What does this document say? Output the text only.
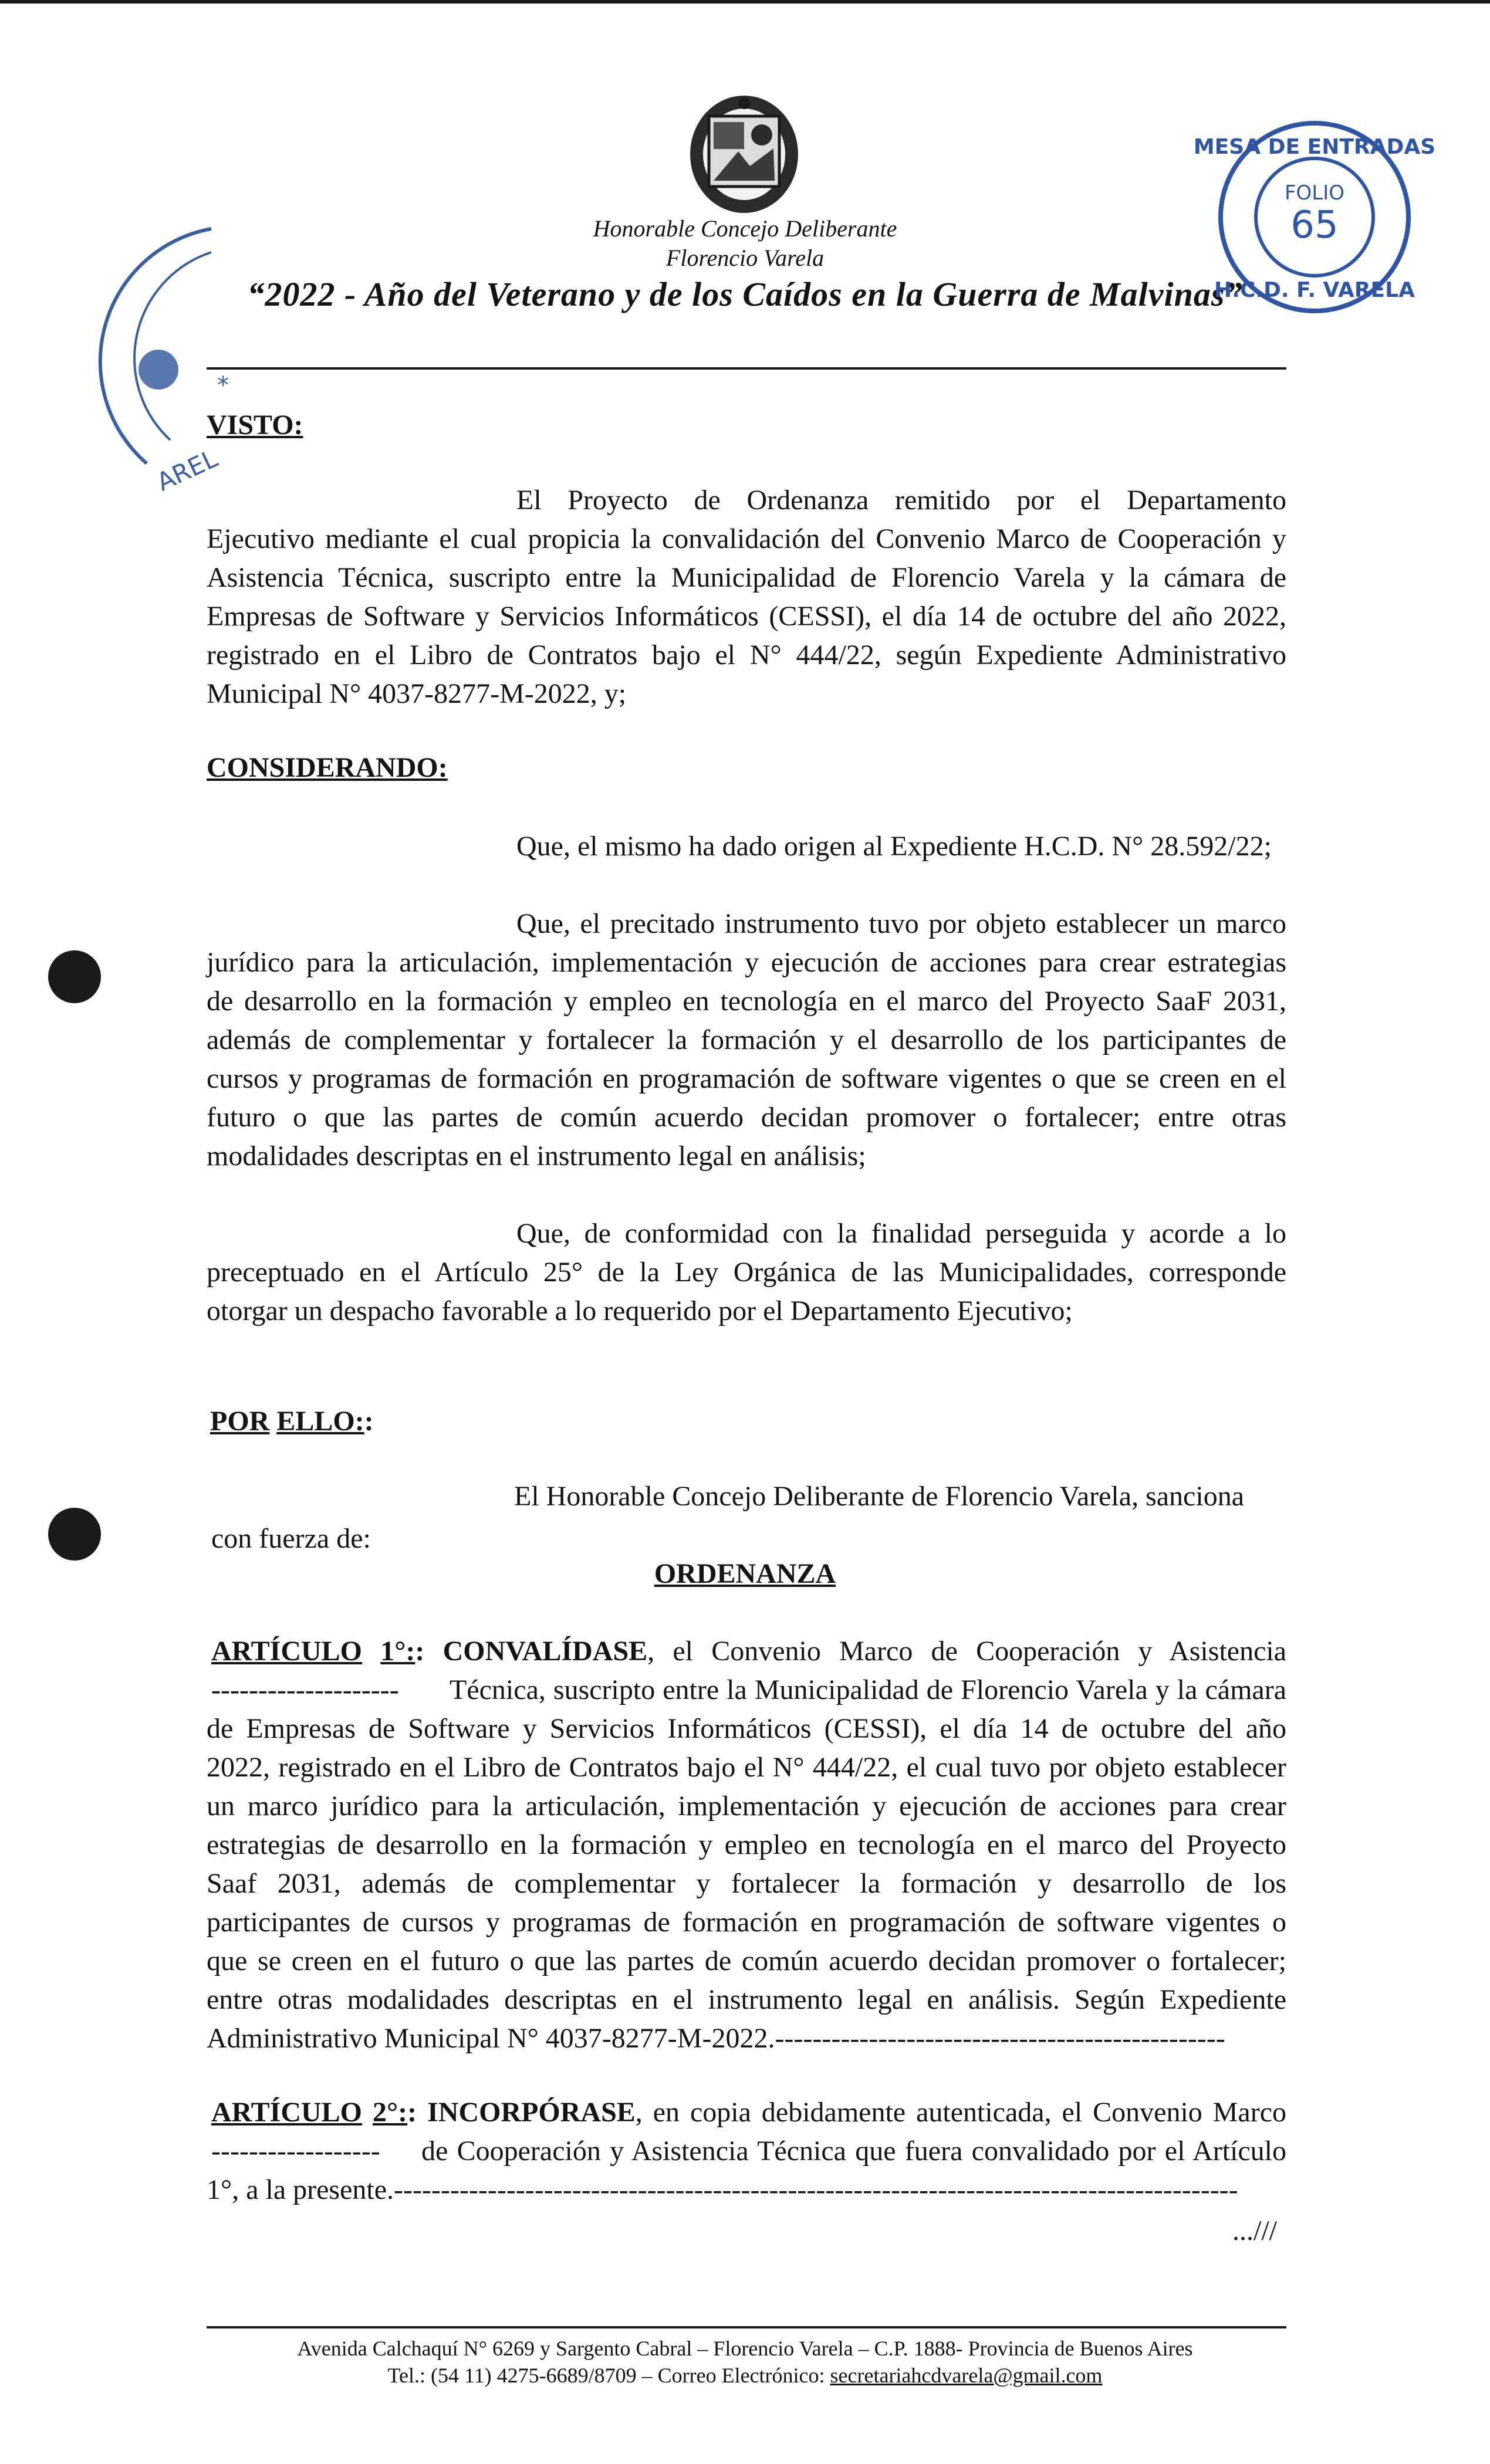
Honorable Concejo Deliberante
Florencio Varela
“2022 - Año del Veterano y de los Caídos en la Guerra de Malvinas”
*
AREL
FOLIO
65
MESA DE ENTRADAS
H.C.D. F. VARELA
VISTO:
El Proyecto de Ordenanza remitido por el Departamento
Ejecutivo mediante el cual propicia la convalidación del Convenio Marco de Cooperación y
Asistencia Técnica, suscripto entre la Municipalidad de Florencio Varela y la cámara de
Empresas de Software y Servicios Informáticos (CESSI), el día 14 de octubre del año 2022,
registrado en el Libro de Contratos bajo el N° 444/22, según Expediente Administrativo
Municipal N° 4037-8277-M-2022, y;
CONSIDERANDO:
Que, el mismo ha dado origen al Expediente H.C.D. N° 28.592/22;
Que, el precitado instrumento tuvo por objeto establecer un marco
jurídico para la articulación, implementación y ejecución de acciones para crear estrategias
de desarrollo en la formación y empleo en tecnología en el marco del Proyecto SaaF 2031,
además de complementar y fortalecer la formación y el desarrollo de los participantes de
cursos y programas de formación en programación de software vigentes o que se creen en el
futuro o que las partes de común acuerdo decidan promover o fortalecer; entre otras
modalidades descriptas en el instrumento legal en análisis;
Que, de conformidad con la finalidad perseguida y acorde a lo
preceptuado en el Artículo 25° de la Ley Orgánica de las Municipalidades, corresponde
otorgar un despacho favorable a lo requerido por el Departamento Ejecutivo;
POR ELLO::
El Honorable Concejo Deliberante de Florencio Varela, sanciona
con fuerza de:
ORDENANZA
ARTÍCULO 1°:: CONVALÍDASE, el Convenio Marco de Cooperación y Asistencia
-------------------- Técnica, suscripto entre la Municipalidad de Florencio Varela y la cámara
de Empresas de Software y Servicios Informáticos (CESSI), el día 14 de octubre del año
2022, registrado en el Libro de Contratos bajo el N° 444/22, el cual tuvo por objeto establecer
un marco jurídico para la articulación, implementación y ejecución de acciones para crear
estrategias de desarrollo en la formación y empleo en tecnología en el marco del Proyecto
Saaf 2031, además de complementar y fortalecer la formación y desarrollo de los
participantes de cursos y programas de formación en programación de software vigentes o
que se creen en el futuro o que las partes de común acuerdo decidan promover o fortalecer;
entre otras modalidades descriptas en el instrumento legal en análisis. Según Expediente
Administrativo Municipal N° 4037-8277-M-2022.------------------------------------------------
ARTÍCULO 2°:: INCORPÓRASE, en copia debidamente autenticada, el Convenio Marco
------------------ de Cooperación y Asistencia Técnica que fuera convalidado por el Artículo
1°, a la presente.------------------------------------------------------------------------------------------
...///
Avenida Calchaquí N° 6269 y Sargento Cabral – Florencio Varela – C.P. 1888- Provincia de Buenos Aires
Tel.: (54 11) 4275-6689/8709 – Correo Electrónico: secretariahcdvarela@gmail.com
